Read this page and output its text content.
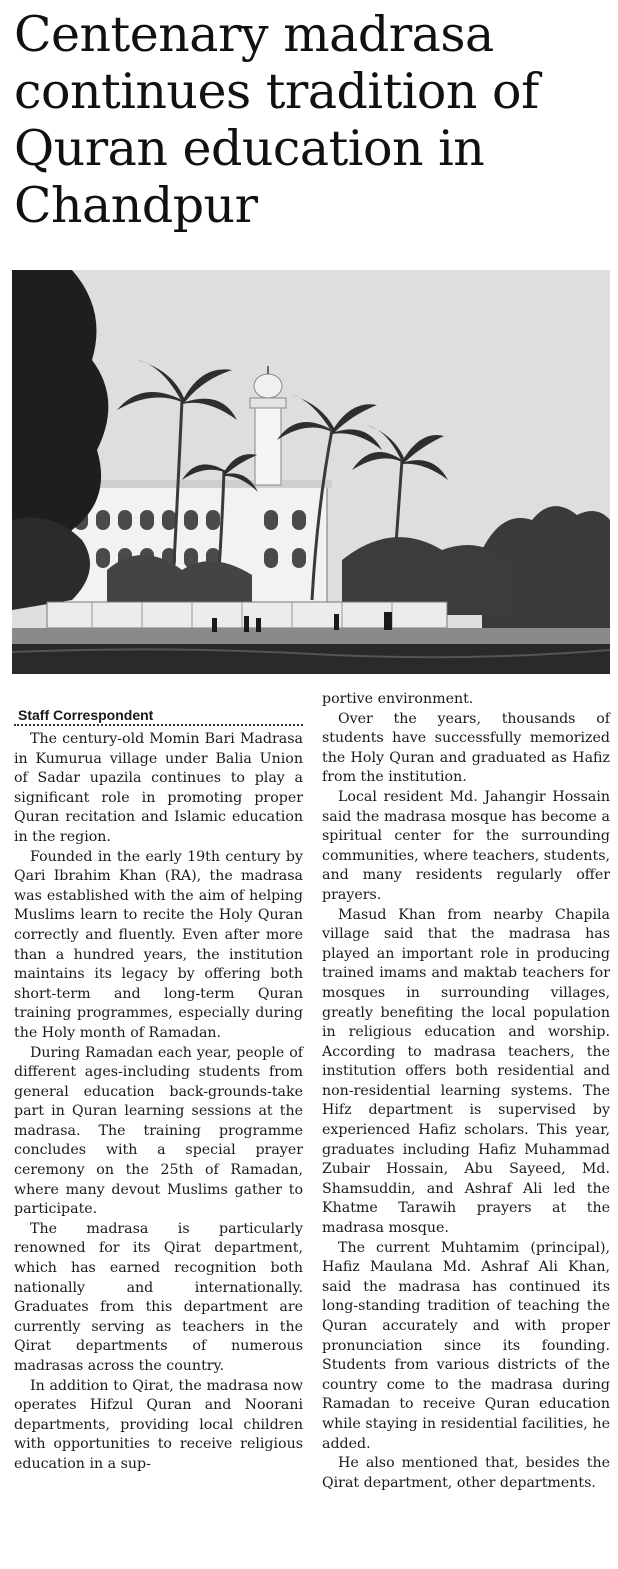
Centenary madrasa continues tradition of Quran education in Chandpur
Staff Correspondent

The century-old Momin Bari Madrasa in Kumurua village under Balia Union of Sadar upazila continues to play a significant role in promoting proper Quran recitation and Islamic education in the region.

Founded in the early 19th century by Qari Ibrahim Khan (RA), the madrasa was established with the aim of helping Muslims learn to recite the Holy Quran correctly and fluently. Even after more than a hundred years, the institution maintains its legacy by offering both short-term and long-term Quran training programmes, especially during the Holy month of Ramadan.

During Ramadan each year, people of different ages-including students from general education back-grounds-take part in Quran learning sessions at the madrasa. The training programme concludes with a special prayer ceremony on the 25th of Ramadan, where many devout Muslims gather to participate.

The madrasa is particularly renowned for its Qirat department, which has earned recognition both nationally and internationally. Graduates from this department are currently serving as teachers in the Qirat departments of numerous madrasas across the country.

In addition to Qirat, the madrasa now operates Hifzul Quran and Noorani departments, providing local children with opportunities to receive religious education in a sup-

portive environment.

Over the years, thousands of students have successfully memorized the Holy Quran and graduated as Hafiz from the institution.

Local resident Md. Jahangir Hossain said the madrasa mosque has become a spiritual center for the surrounding communities, where teachers, students, and many residents regularly offer prayers.

Masud Khan from nearby Chapila village said that the madrasa has played an important role in producing trained imams and maktab teachers for mosques in surrounding villages, greatly benefiting the local population in religious education and worship. According to madrasa teachers, the institution offers both residential and non-residential learning systems. The Hifz department is supervised by experienced Hafiz scholars. This year, graduates including Hafiz Muhammad Zubair Hossain, Abu Sayeed, Md. Shamsuddin, and Ashraf Ali led the Khatme Tarawih prayers at the madrasa mosque.

The current Muhtamim (principal), Hafiz Maulana Md. Ashraf Ali Khan, said the madrasa has continued its long-standing tradition of teaching the Quran accurately and with proper pronunciation since its founding. Students from various districts of the country come to the madrasa during Ramadan to receive Quran education while staying in residential facilities, he added.

He also mentioned that, besides the Qirat department, other departments.
